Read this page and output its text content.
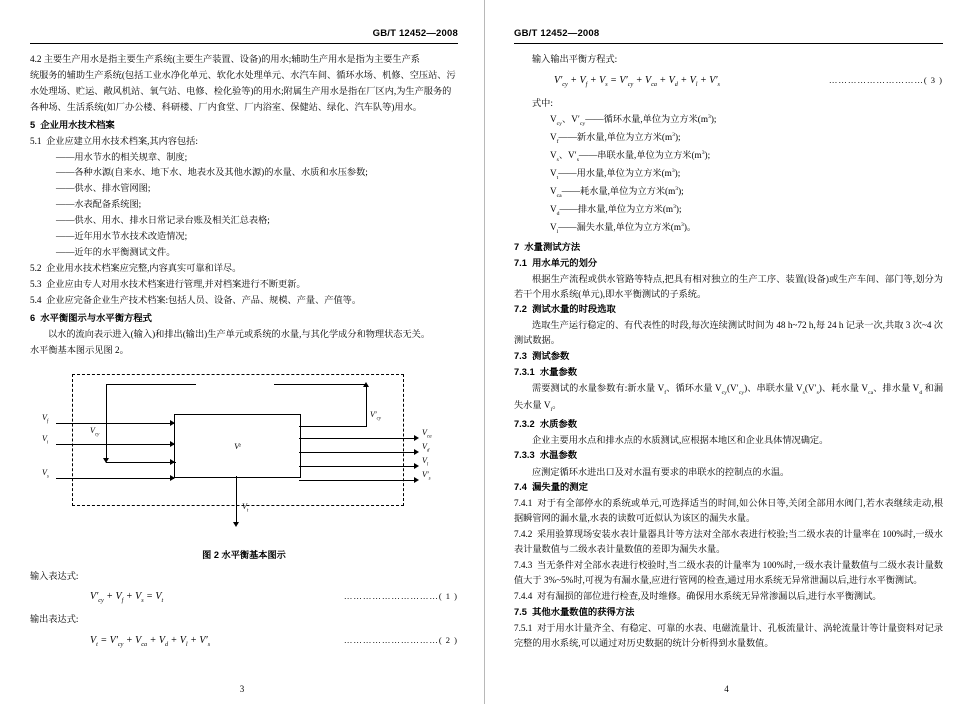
GB/T 12452—2008

4.2 主要生产用水是指主要生产系统(主要生产装置、设备)的用水;辅助生产用水是指为主要生产系

统服务的辅助生产系统(包括工业水净化单元、软化水处理单元、水汽车间、循环水场、机修、空压站、污

水处理场、贮运、敞风机站、氧气站、电修、检化验等)的用水;附属生产用水是指在厂区内,为生产服务的

各种场、生活系统(如厂办公楼、科研楼、厂内食堂、厂内浴室、保健站、绿化、汽车队等)用水。

5 企业用水技术档案

5.1 企业应建立用水技术档案,其内容包括:

——用水节水的相关规章、制度;

——各种水源(自来水、地下水、地表水及其他水源)的水量、水质和水压参数;

——供水、排水管网图;

——水表配备系统图;

——供水、用水、排水日常记录台账及相关汇总表格;

——近年用水节水技术改造情况;

——近年的水平衡测试文件。

5.2 企业用水技术档案应完整,内容真实可靠和详尽。

5.3 企业应由专人对用水技术档案进行管理,并对档案进行不断更新。

5.4 企业应完备企业生产技术档案:包括人员、设备、产品、规模、产量、产值等。

6 水平衡图示与水平衡方程式

以水的流向表示进入(输入)和排出(输出)生产单元或系统的水量,与其化学成分和物理状态无关。

水平衡基本图示见图 2。

V t
$V_{cy}$
$V'_{cy}$
$V_f$
$V_i$
$V_s$
$V_{ca}$
$V_d$
$V_l$
$V'_s$
$V_t$
图 2 水平衡基本图示

输入表达式:

$V'_{cy} + V_f + V_s = V_t$	…………………………( 1 )

输出表达式:

$V_t = V'_{cy} + V_{ca} + V_d + V_l + V'_s$	…………………………( 2 )
3
GB/T 12452—2008

输入输出平衡方程式:

$V'_{cy} + V_f + V_s = V'_{cy} + V_{ca} + V_d + V_l + V'_s$	…………………………( 3 )

式中:

$V_{cy}$、$V'_{cy}——$循环水量,单位为立方米$(m^3)$;

$V_f——$新水量,单位为立方米$(m^3)$;

$V_s$、$V'_s——$串联水量,单位为立方米$(m^3)$;

$V_t——$用水量,单位为立方米$(m^3)$;

$V_{ca}——$耗水量,单位为立方米$(m^3)$;

$V_d——$排水量,单位为立方米$(m^3)$;

$V_l——$漏失水量,单位为立方米$(m^3)$。

7 水量测试方法

7.1 用水单元的划分

根据生产流程或供水管路等特点,把具有相对独立的生产工序、装置(设备)或生产车间、部门等,划分为若干个用水系统(单元),即水平衡测试的子系统。

7.2 测试水量的时段选取

选取生产运行稳定的、有代表性的时段,每次连续测试时间为 48 h~72 h,每 24 h 记录一次,共取 3 次~4 次测试数据。

7.3 测试参数

7.3.1 水量参数

需要测试的水量参数有:新水量 $V_f$、循环水量 $V_{cy}(V'_{cy})$、串联水量 $V_s(V'_s)$、耗水量 $V_{ca}$、排水量 $V_d$ 和漏失水量 $V_l$。

7.3.2 水质参数

企业主要用水点和排水点的水质测试,应根据本地区和企业具体情况确定。

7.3.3 水温参数

应测定循环水进出口及对水温有要求的串联水的控制点的水温。

7.4 漏失量的测定

7.4.1 对于有全部停水的系统或单元,可选择适当的时间,如公休日等,关闭全部用水阀门,若水表继续走动,根据瞬管网的漏水量,水表的读数可近似认为该区的漏失水量。

7.4.2 采用验算现场安装水表计量器具计等方法对全部水表进行校验;当二级水表的计量率在 100%时,一级水表计量数值与二级水表计量数值的差即为漏失水量。

7.4.3 当无条件对全部水表进行校验时,当二级水表的计量率为 100%时,一级水表计量数值与二级水表计量数值大于 3%~5%时,可视为有漏水量,应进行管网的检查,通过用水系统无异常泄漏以后,进行水平衡测试。

7.4.4 对有漏损的部位进行检查,及时维修。确保用水系统无异常渗漏以后,进行水平衡测试。

7.5 其他水量数值的获得方法

7.5.1 对于用水计量齐全、有稳定、可靠的水表、电磁流量计、孔板流量计、涡轮流量计等计量资料对记录完整的用水系统,可以通过对历史数据的统计分析得到水量数值。

4
